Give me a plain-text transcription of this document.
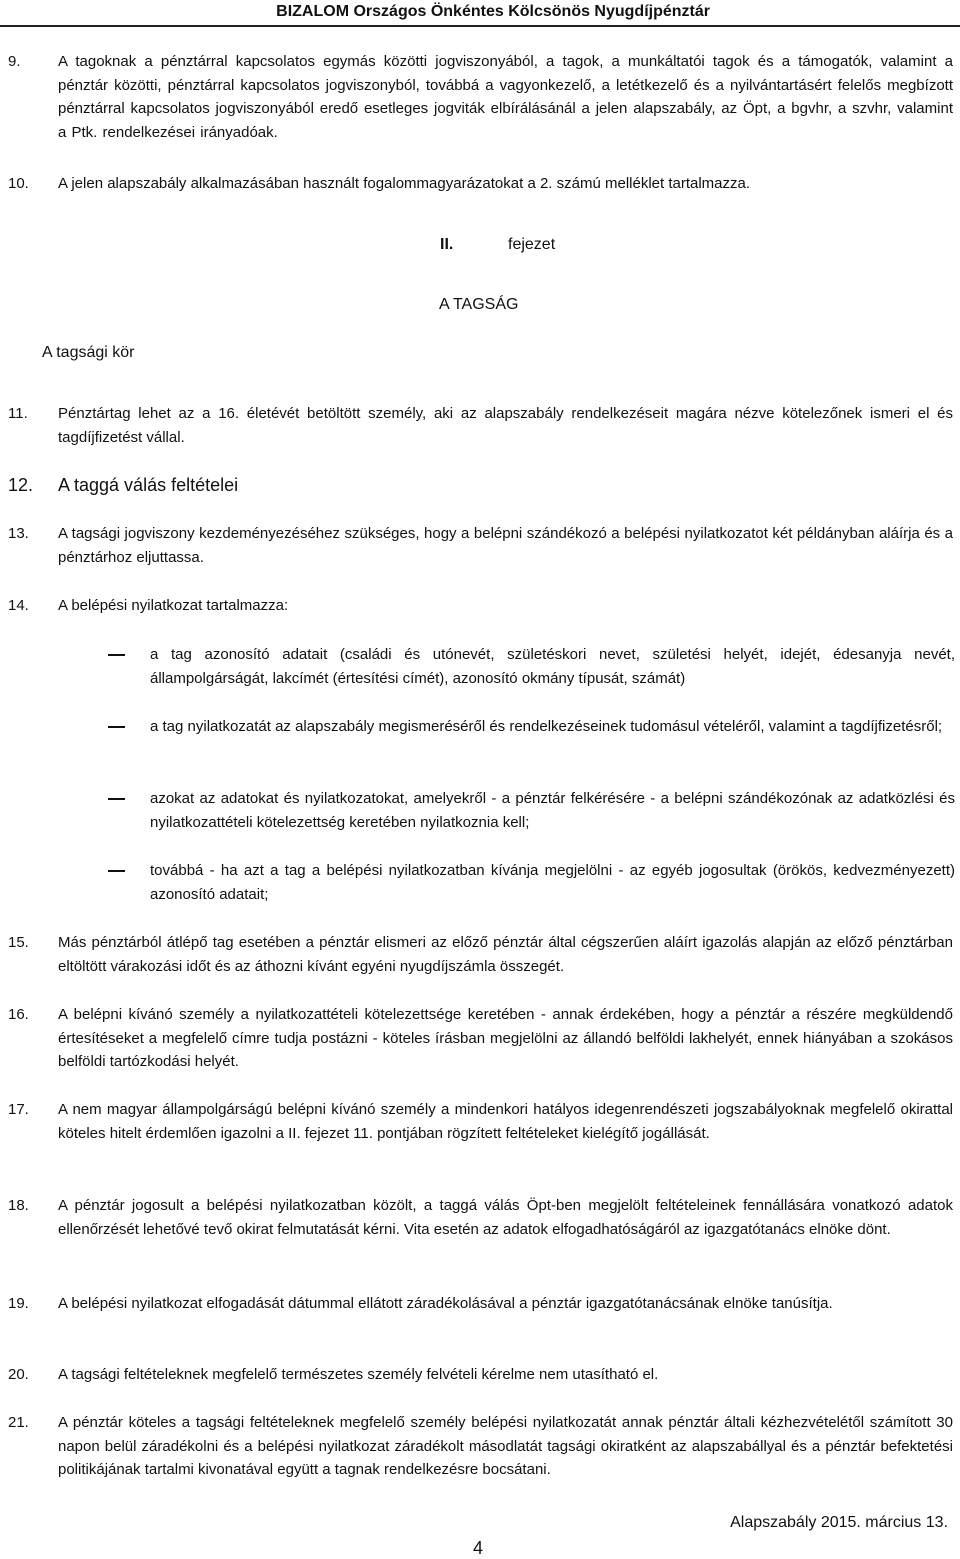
BIZALOM Országos Önkéntes Kölcsönös Nyugdíjpénztár
9.	A tagoknak a pénztárral kapcsolatos egymás közötti jogviszonyából, a tagok, a munkáltatói tagok és a támogatók, valamint a pénztár közötti, pénztárral kapcsolatos jogviszonyból, továbbá a vagyonkezelő, a letétkezelő és a nyilvántartásért felelős megbízott pénztárral kapcsolatos jogviszonyából eredő esetleges jogviták elbírálásánál a jelen alapszabály, az Öpt, a bgvhr, a szvhr, valamint a Ptk. rendelkezései irányadóak.
10.	A jelen alapszabály alkalmazásában használt fogalommagyarázatokat a 2. számú melléklet tartalmazza.
II.	fejezet
A TAGSÁG
A tagsági kör
11.	Pénztártag lehet az a 16. életévét betöltött személy, aki az alapszabály rendelkezéseit magára nézve kötelezőnek ismeri el és tagdíjfizetést vállal.
12. A taggá válás feltételei
13.	A tagsági jogviszony kezdeményezéséhez szükséges, hogy a belépni szándékozó a belépési nyilatkozatot két példányban aláírja és a pénztárhoz eljuttassa.
14.	A belépési nyilatkozat tartalmazza:
a tag azonosító adatait (családi és utónevét, születéskori nevet, születési helyét, idejét, édesanyja nevét, állampolgárságát, lakcímét (értesítési címét), azonosító okmány típusát, számát)
a tag nyilatkozatát az alapszabály megismeréséről és rendelkezéseinek tudomásul vételéről, valamint a tagdíjfizetésről;
azokat az adatokat és nyilatkozatokat, amelyekről - a pénztár felkérésére - a belépni szándékozónak az adatközlési és nyilatkozattételi kötelezettség keretében nyilatkoznia kell;
továbbá - ha azt a tag a belépési nyilatkozatban kívánja megjelölni - az egyéb jogosultak (örökös, kedvezményezett) azonosító adatait;
15.	Más pénztárból átlépő tag esetében a pénztár elismeri az előző pénztár által cégszerűen aláírt igazolás alapján az előző pénztárban eltöltött várakozási időt és az áthozni kívánt egyéni nyugdíjszámla összegét.
16.	A belépni kívánó személy a nyilatkozattételi kötelezettsége keretében - annak érdekében, hogy a pénztár a részére megküldendő értesítéseket a megfelelő címre tudja postázni - köteles írásban megjelölni az állandó belföldi lakhelyét, ennek hiányában a szokásos belföldi tartózkodási helyét.
17.	A nem magyar állampolgárságú belépni kívánó személy a mindenkori hatályos idegenrendészeti jogszabályoknak megfelelő okirattal köteles hitelt érdemlően igazolni a II. fejezet 11. pontjában rögzített feltételeket kielégítő jogállását.
18.	A pénztár jogosult a belépési nyilatkozatban közölt, a taggá válás Öpt-ben megjelölt feltételeinek fennállására vonatkozó adatok ellenőrzését lehetővé tevő okirat felmutatását kérni. Vita esetén az adatok elfogadhatóságáról az igazgatótanács elnöke dönt.
19.	A belépési nyilatkozat elfogadását dátummal ellátott záradékolásával a pénztár igazgatótanácsának elnöke tanúsítja.
20.	A tagsági feltételeknek megfelelő természetes személy felvételi kérelme nem utasítható el.
21.	A pénztár köteles a tagsági feltételeknek megfelelő személy belépési nyilatkozatát annak pénztár általi kézhezvételétől számított 30 napon belül záradékolni és a belépési nyilatkozat záradékolt másodlatát tagsági okiratként az alapszabállyal és a pénztár befektetési politikájának tartalmi kivonatával együtt a tagnak rendelkezésre bocsátani.
Alapszabály 2015. március 13.
4
